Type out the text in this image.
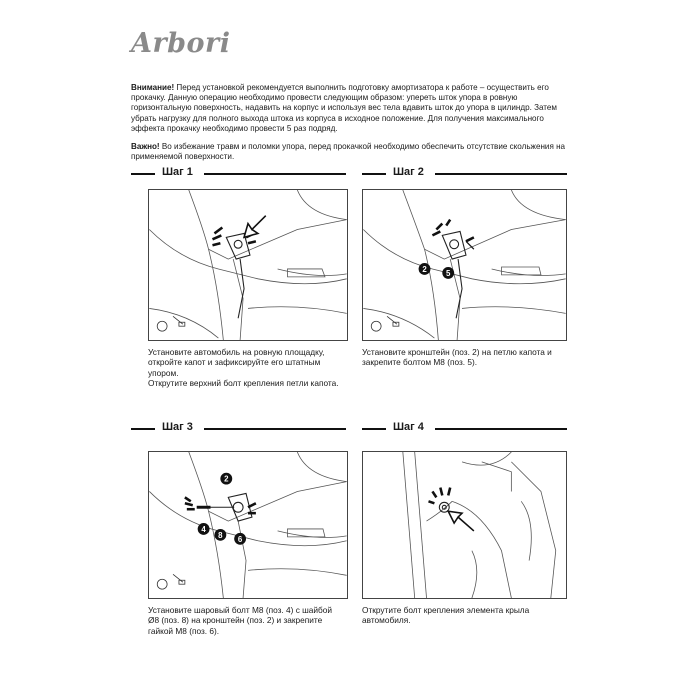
Arbori

Внимание! Перед установкой рекомендуется выполнить подготовку амортизатора к работе – осуществить его прокачку. Данную операцию необходимо провести следующим образом: упереть шток упора в ровную горизонтальную поверхность, надавить на корпус и используя вес тела вдавить шток до упора в цилиндр. Затем убрать нагрузку для полного выхода штока из корпуса в исходное положение. Для получения максимального эффекта прокачку необходимо провести 5 раз подряд.

Важно! Во избежание травм и поломки упора, перед прокачкой необходимо обеспечить отсутствие скольжения на применяемой поверхности.

Шаг 1
Установите автомобиль на ровную площадку,
откройте капот и зафиксируйте его штатным
упором.
Открутите верхний болт крепления петли капота.
Шаг 2
2 5
Установите кронштейн (поз. 2) на петлю капота и
закрепите болтом М8 (поз. 5).
Шаг 3
2
4
8 6
Установите шаровый болт М8 (поз. 4) с шайбой
Ø8 (поз. 8) на кронштейн (поз. 2) и закрепите
гайкой М8 (поз. 6).
Шаг 4
Открутите болт крепления элемента крыла
автомобиля.
